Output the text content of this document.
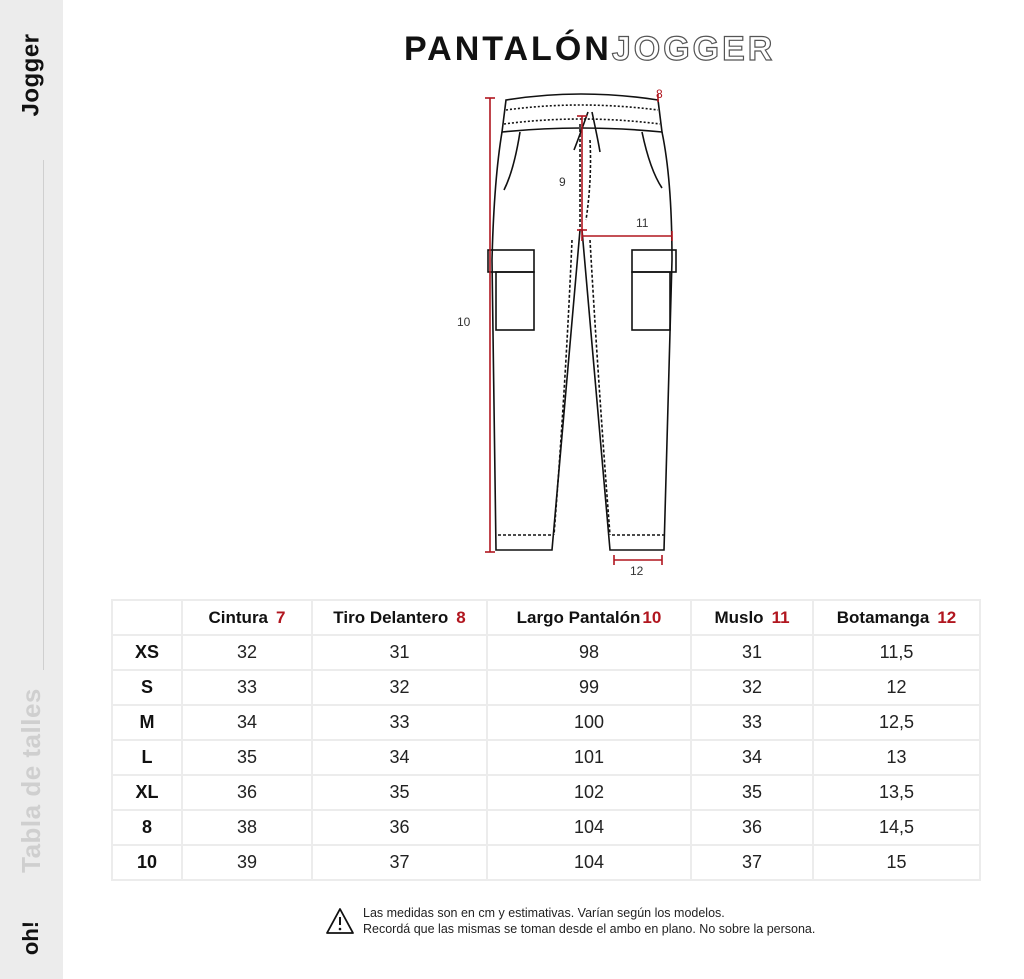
Jogger
Tabla de talles
oh!
PANTALÓNJOGGER
8
9
10
11
12
	Cintura 7	Tiro Delantero 8	Largo Pantalón 10	Muslo 11	Botamanga 12
XS	32	31	98	31	11,5
S	33	32	99	32	12
M	34	33	100	33	12,5
L	35	34	101	34	13
XL	36	35	102	35	13,5
8	38	36	104	36	14,5
10	39	37	104	37	15
Las medidas son en cm y estimativas. Varían según los modelos.
Recordá que las mismas se toman desde el ambo en plano. No sobre la persona.
